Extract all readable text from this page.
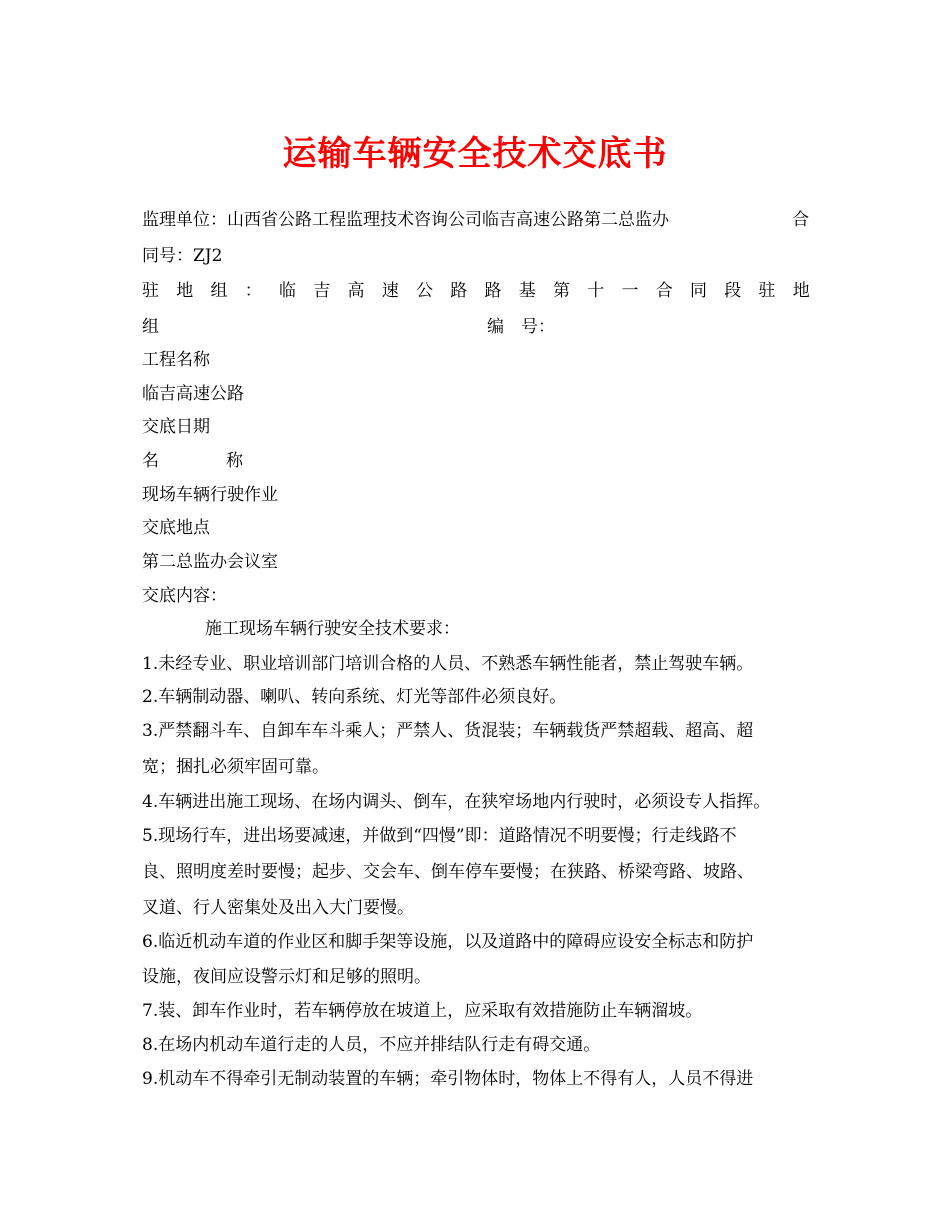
运输车辆安全技术交底书
监理单位：山西省公路工程监理技术咨询公司临吉高速公路第二总监办	合
同号：ZJ2
驻 地 组 ： 临 吉 高 速 公 路 路 基 第 十 一 合 同 段 驻 地
组	编　号：
工程名称
临吉高速公路
交底日期
名	称
现场车辆行驶作业
交底地点
第二总监办会议室
交底内容：
施工现场车辆行驶安全技术要求：
1.未经专业、职业培训部门培训合格的人员、不熟悉车辆性能者，禁止驾驶车辆。
2.车辆制动器、喇叭、转向系统、灯光等部件必须良好。
3.严禁翻斗车、自卸车车斗乘人；严禁人、货混装；车辆载货严禁超载、超高、超
宽；捆扎必须牢固可靠。
4.车辆进出施工现场、在场内调头、倒车，在狭窄场地内行驶时，必须设专人指挥。
5.现场行车，进出场要减速，并做到“四慢”即：道路情况不明要慢；行走线路不
良、照明度差时要慢；起步、交会车、倒车停车要慢；在狭路、桥梁弯路、坡路、
叉道、行人密集处及出入大门要慢。
6.临近机动车道的作业区和脚手架等设施，以及道路中的障碍应设安全标志和防护
设施，夜间应设警示灯和足够的照明。
7.装、卸车作业时，若车辆停放在坡道上，应采取有效措施防止车辆溜坡。
8.在场内机动车道行走的人员，不应并排结队行走有碍交通。
9.机动车不得牵引无制动装置的车辆；牵引物体时，物体上不得有人，人员不得进
